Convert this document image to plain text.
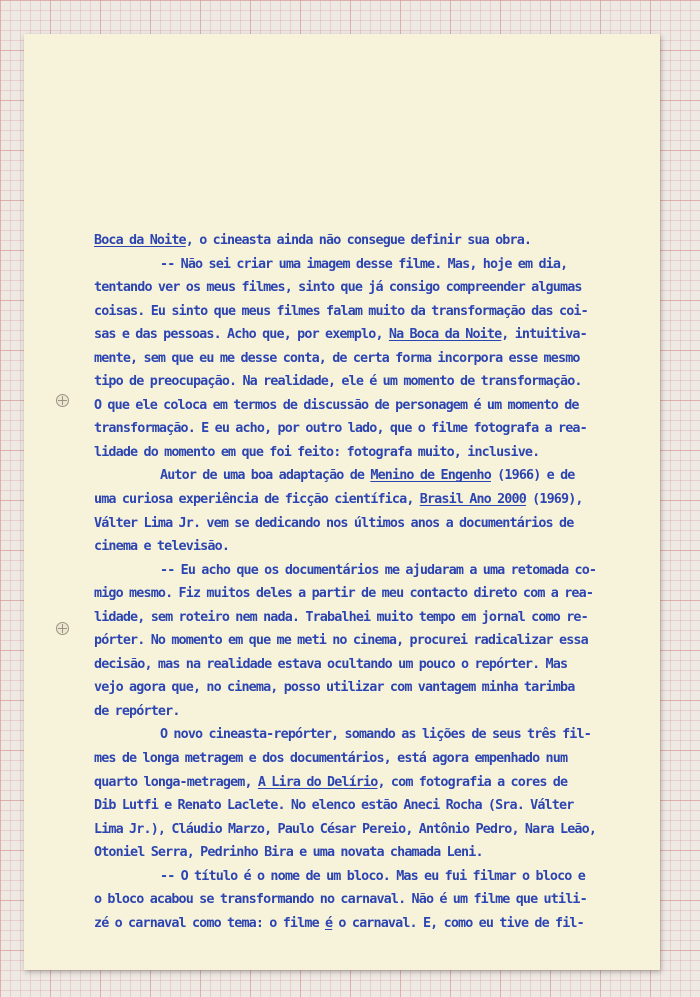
Boca da Noite, o cineasta ainda não consegue definir sua obra.

-- Não sei criar uma imagem desse filme. Mas, hoje em dia,
tentando ver os meus filmes, sinto que já consigo compreender algumas
coisas. Eu sinto que meus filmes falam muito da transformação das coi-
sas e das pessoas. Acho que, por exemplo, Na Boca da Noite, intuitiva-
mente, sem que eu me desse conta, de certa forma incorpora esse mesmo
tipo de preocupação. Na realidade, ele é um momento de transformação.
O que ele coloca em termos de discussão de personagem é um momento de
transformação. E eu acho, por outro lado, que o filme fotografa a rea-
lidade do momento em que foi feito: fotografa muito, inclusive.

Autor de uma boa adaptação de Menino de Engenho (1966) e de
uma curiosa experiência de ficção científica, Brasil Ano 2000 (1969),
Válter Lima Jr. vem se dedicando nos últimos anos a documentários de
cinema e televisão.

-- Eu acho que os documentários me ajudaram a uma retomada co-
migo mesmo. Fiz muitos deles a partir de meu contacto direto com a rea-
lidade, sem roteiro nem nada. Trabalhei muito tempo em jornal como re-
pórter. No momento em que me meti no cinema, procurei radicalizar essa
decisão, mas na realidade estava ocultando um pouco o repórter. Mas
vejo agora que, no cinema, posso utilizar com vantagem minha tarimba
de repórter.

O novo cineasta-repórter, somando as lições de seus três fil-
mes de longa metragem e dos documentários, está agora empenhado num
quarto longa-metragem, A Lira do Delírio, com fotografia a cores de
Dib Lutfi e Renato Laclete. No elenco estão Aneci Rocha (Sra. Válter
Lima Jr.), Cláudio Marzo, Paulo César Pereio, Antônio Pedro, Nara Leão,
Otoniel Serra, Pedrinho Bira e uma novata chamada Leni.

-- O título é o nome de um bloco. Mas eu fui filmar o bloco e
o bloco acabou se transformando no carnaval. Não é um filme que utili-
zé o carnaval como tema: o filme é o carnaval. E, como eu tive de fil-
